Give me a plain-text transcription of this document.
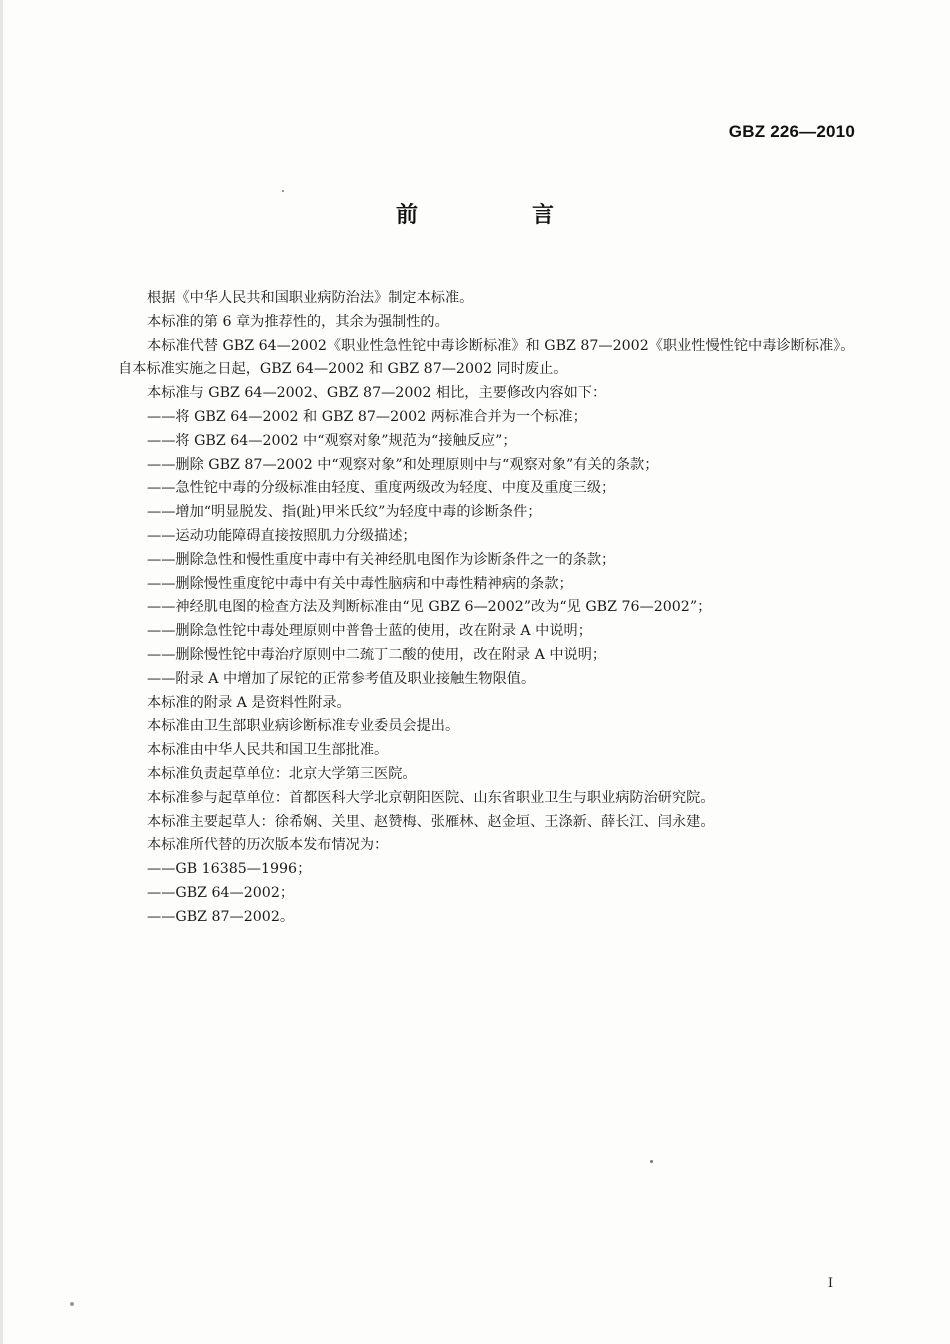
GBZ 226—2010
前　言

根据《中华人民共和国职业病防治法》制定本标准。

本标准的第 6 章为推荐性的，其余为强制性的。

本标准代替 GBZ 64—2002《职业性急性铊中毒诊断标准》和 GBZ 87—2002《职业性慢性铊中毒诊断标准》。自本标准实施之日起，GBZ 64—2002 和 GBZ 87—2002 同时废止。

本标准与 GBZ 64—2002、GBZ 87—2002 相比，主要修改内容如下：

——将 GBZ 64—2002 和 GBZ 87—2002 两标准合并为一个标准；

——将 GBZ 64—2002 中“观察对象”规范为“接触反应”；

——删除 GBZ 87—2002 中“观察对象”和处理原则中与“观察对象”有关的条款；

——急性铊中毒的分级标准由轻度、重度两级改为轻度、中度及重度三级；

——增加“明显脱发、指(趾)甲米氏纹”为轻度中毒的诊断条件；

——运动功能障碍直接按照肌力分级描述；

——删除急性和慢性重度中毒中有关神经肌电图作为诊断条件之一的条款；

——删除慢性重度铊中毒中有关中毒性脑病和中毒性精神病的条款；

——神经肌电图的检查方法及判断标准由“见 GBZ 6—2002”改为“见 GBZ 76—2002”；

——删除急性铊中毒处理原则中普鲁士蓝的使用，改在附录 A 中说明；

——删除慢性铊中毒治疗原则中二巯丁二酸的使用，改在附录 A 中说明；

——附录 A 中增加了尿铊的正常参考值及职业接触生物限值。

本标准的附录 A 是资料性附录。

本标准由卫生部职业病诊断标准专业委员会提出。

本标准由中华人民共和国卫生部批准。

本标准负责起草单位：北京大学第三医院。

本标准参与起草单位：首都医科大学北京朝阳医院、山东省职业卫生与职业病防治研究院。

本标准主要起草人：徐希娴、关里、赵赞梅、张雁林、赵金垣、王涤新、薛长江、闫永建。

本标准所代替的历次版本发布情况为：

——GB 16385—1996；

——GBZ 64—2002；

——GBZ 87—2002。

I
